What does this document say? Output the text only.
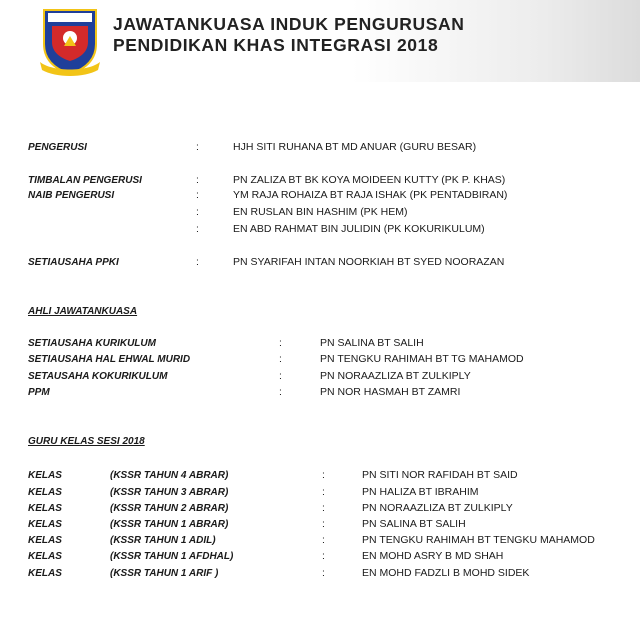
JAWATANKUASA INDUK PENGURUSAN
PENDIDIKAN KHAS INTEGRASI 2018
PENGERUSI	:	HJH SITI RUHANA BT MD ANUAR (GURU BESAR)
TIMBALAN PENGERUSI	:	PN ZALIZA BT BK KOYA MOIDEEN KUTTY (PK P. KHAS)
NAIB PENGERUSI	:	YM RAJA ROHAIZA BT RAJA ISHAK (PK PENTADBIRAN)
:	EN RUSLAN BIN HASHIM (PK HEM)
:	EN ABD RAHMAT BIN JULIDIN (PK KOKURIKULUM)
SETIAUSAHA PPKI	:	PN SYARIFAH INTAN NOORKIAH BT SYED NOORAZAN
AHLI JAWATANKUASA
SETIAUSAHA KURIKULUM	:	PN SALINA BT SALIH
SETIAUSAHA HAL EHWAL MURID	:	PN TENGKU RAHIMAH BT TG MAHAMOD
SETAUSAHA KOKURIKULUM	:	PN NORAAZLIZA BT ZULKIPLY
PPM	:	PN NOR HASMAH BT ZAMRI
GURU KELAS SESI 2018
KELAS	(KSSR TAHUN 4 ABRAR)	:	PN SITI NOR RAFIDAH BT SAID
KELAS	(KSSR TAHUN 3 ABRAR)	:	PN HALIZA BT IBRAHIM
KELAS	(KSSR TAHUN 2 ABRAR)	:	PN NORAAZLIZA BT ZULKIPLY
KELAS	(KSSR TAHUN 1 ABRAR)	:	PN SALINA BT SALIH
KELAS	(KSSR TAHUN 1 ADIL)	:	PN TENGKU RAHIMAH BT TENGKU MAHAMOD
KELAS	(KSSR TAHUN 1 AFDHAL)	:	EN MOHD ASRY B MD SHAH
KELAS	(KSSR TAHUN 1 ARIF )	:	EN MOHD FADZLI B MOHD SIDEK
